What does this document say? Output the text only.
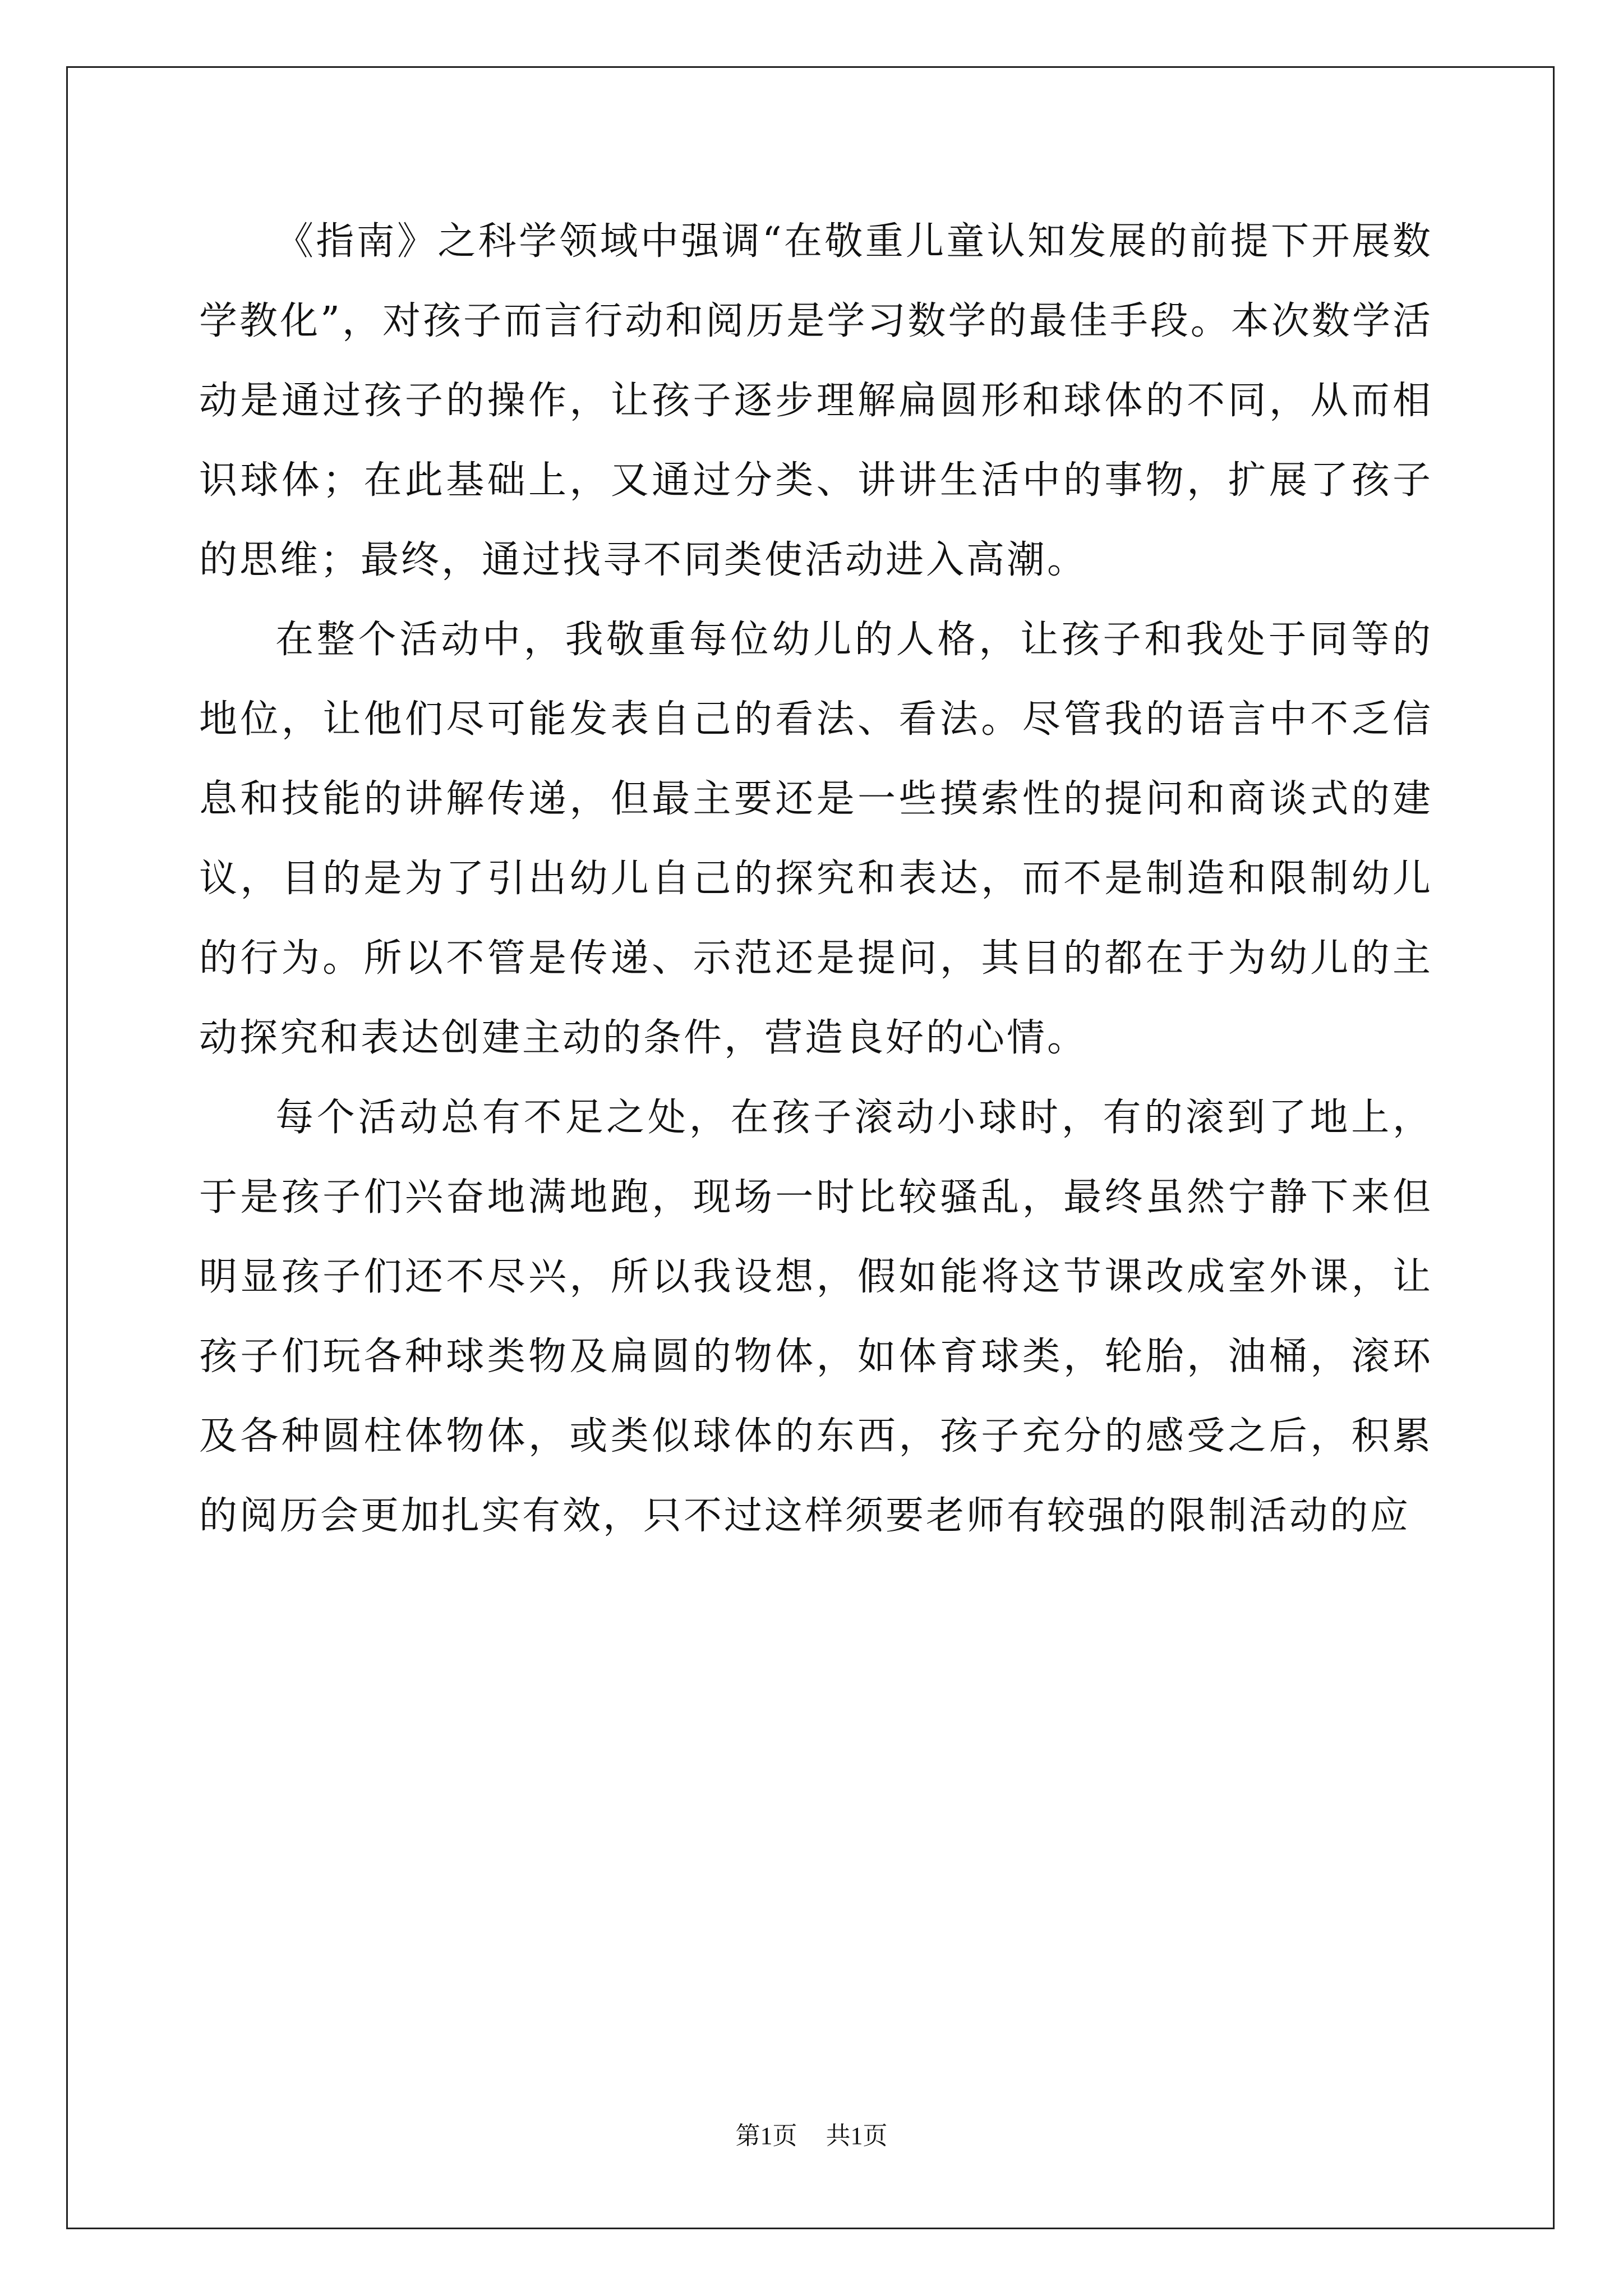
《指南》之科学领域中强调“在敬重儿童认知发展的前提下开展数学教化”，对孩子而言行动和阅历是学习数学的最佳手段。本次数学活动是通过孩子的操作，让孩子逐步理解扁圆形和球体的不同，从而相识球体；在此基础上，又通过分类、讲讲生活中的事物，扩展了孩子的思维；最终，通过找寻不同类使活动进入高潮。

在整个活动中，我敬重每位幼儿的人格，让孩子和我处于同等的地位，让他们尽可能发表自己的看法、看法。尽管我的语言中不乏信息和技能的讲解传递，但最主要还是一些摸索性的提问和商谈式的建议，目的是为了引出幼儿自己的探究和表达，而不是制造和限制幼儿的行为。所以不管是传递、示范还是提问，其目的都在于为幼儿的主动探究和表达创建主动的条件，营造良好的心情。

每个活动总有不足之处，在孩子滚动小球时，有的滚到了地上，于是孩子们兴奋地满地跑，现场一时比较骚乱，最终虽然宁静下来但明显孩子们还不尽兴，所以我设想，假如能将这节课改成室外课，让孩子们玩各种球类物及扁圆的物体，如体育球类，轮胎，油桶，滚环及各种圆柱体物体，或类似球体的东西，孩子充分的感受之后，积累的阅历会更加扎实有效，只不过这样须要老师有较强的限制活动的应

第1页 共1页
